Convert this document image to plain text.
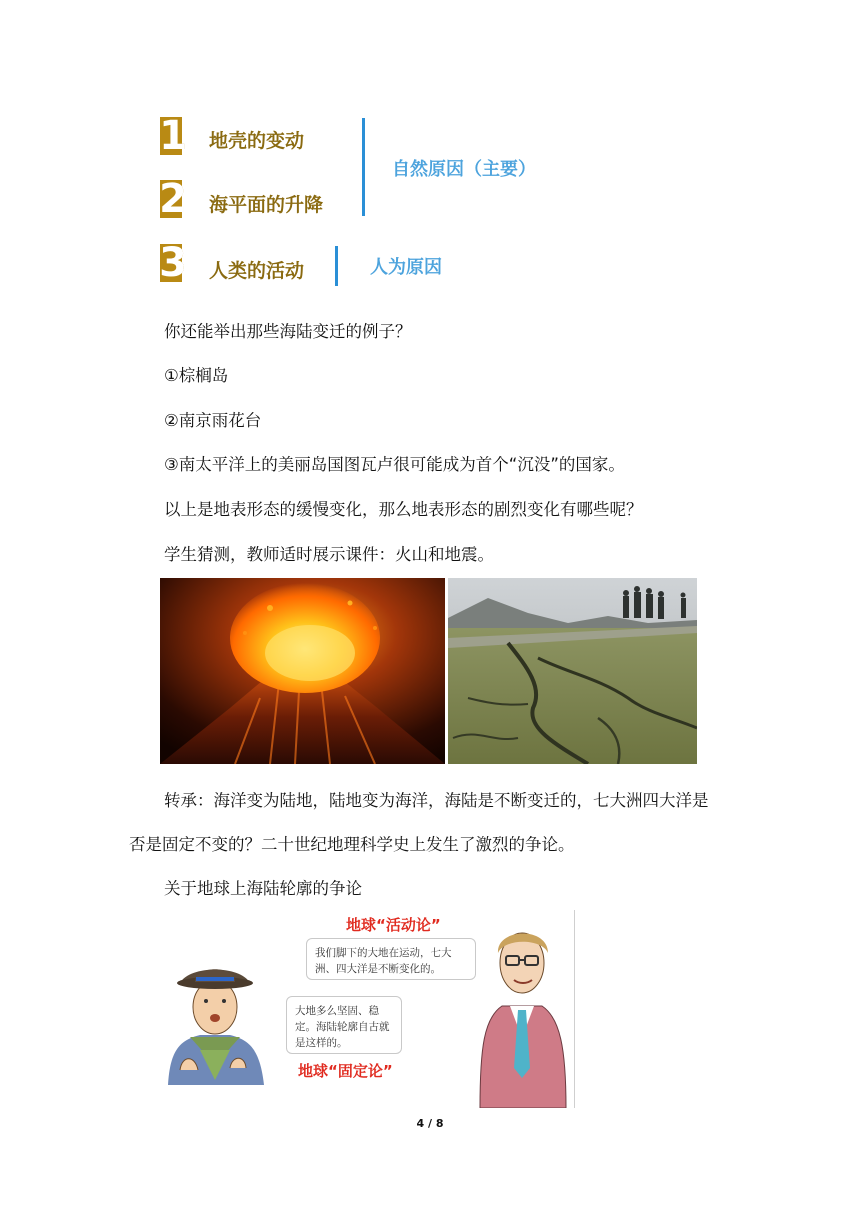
1 地壳的变动
2 海平面的升降
自然原因（主要）
3 人类的活动	人为原因
你还能举出那些海陆变迁的例子？
①棕榈岛
②南京雨花台
③南太平洋上的美丽岛国图瓦卢很可能成为首个“沉没”的国家。
以上是地表形态的缓慢变化，那么地表形态的剧烈变化有哪些呢？
学生猜测，教师适时展示课件：火山和地震。
转承：海洋变为陆地，陆地变为海洋，海陆是不断变迁的，七大洲四大洋是
否是固定不变的？二十世纪地理科学史上发生了激烈的争论。
关于地球上海陆轮廓的争论
大地多么坚固、稳定。海陆轮廓自古就是这样的。
地球“固定论”
地球“活动论”
我们脚下的大地在运动，七大洲、四大洋是不断变化的。
4 / 8
